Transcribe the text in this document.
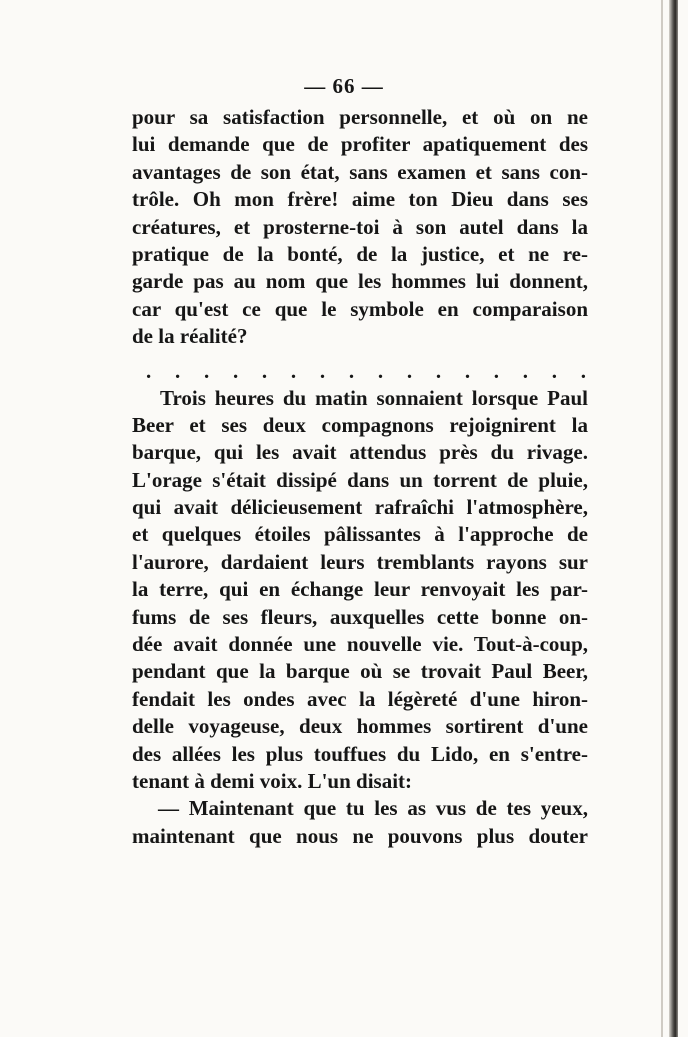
— 66 —
pour sa satisfaction personnelle, et où on ne
lui demande que de profiter apatiquement des
avantages de son état, sans examen et sans con-
trôle. Oh mon frère! aime ton Dieu dans ses
créatures, et prosterne-toi à son autel dans la
pratique de la bonté, de la justice, et ne re-
garde pas au nom que les hommes lui donnent,
car qu'est ce que le symbole en comparaison
de la réalité?
. . . . . . . . . . . . . . . .
Trois heures du matin sonnaient lorsque Paul
Beer et ses deux compagnons rejoignirent la
barque, qui les avait attendus près du rivage.
L'orage s'était dissipé dans un torrent de pluie,
qui avait délicieusement rafraîchi l'atmosphère,
et quelques étoiles pâlissantes à l'approche de
l'aurore, dardaient leurs tremblants rayons sur
la terre, qui en échange leur renvoyait les par-
fums de ses fleurs, auxquelles cette bonne on-
dée avait donnée une nouvelle vie. Tout-à-coup,
pendant que la barque où se trovait Paul Beer,
fendait les ondes avec la légèreté d'une hiron-
delle voyageuse, deux hommes sortirent d'une
des allées les plus touffues du Lido, en s'entre-
tenant à demi voix. L'un disait:
— Maintenant que tu les as vus de tes yeux,
maintenant que nous ne pouvons plus douter
